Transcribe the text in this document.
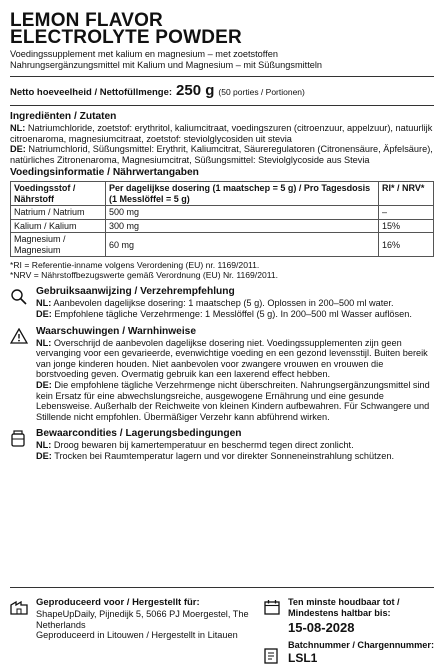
LEMON FLAVOR
ELECTROLYTE POWDER
Voedingssupplement met kalium en magnesium – met zoetstoffen
Nahrungsergänzungsmittel mit Kalium und Magnesium – mit Süßungsmitteln
Netto hoeveelheid / Nettofüllmenge: 250 g (50 porties / Portionen)
Ingrediënten / Zutaten
NL: Natriumchloride, zoetstof: erythritol, kaliumcitraat, voedingszuren (citroenzuur, appelzuur), natuurlijk citroenaroma, magnesiumcitraat, zoetstof: steviolglycosiden uit stevia
DE: Natriumchlorid, Süßungsmittel: Erythrit, Kaliumcitrat, Säureregulatoren (Citronensäure, Äpfelsäure), natürliches Zitronenaroma, Magnesiumcitrat, Süßungsmittel: Steviolglycoside aus Stevia
Voedingsinformatie / Nährwertangaben
Voedingsstof / Nährstoff	Per dagelijkse dosering (1 maatschep = 5 g) / Pro Tagesdosis (1 Messlöffel = 5 g)	RI* / NRV*
Natrium / Natrium	500 mg	–
Kalium / Kalium	300 mg	15%
Magnesium / Magnesium	60 mg	16%
*RI = Referentie-inname volgens Verordening (EU) nr. 1169/2011.
*NRV = Nährstoffbezugswerte gemäß Verordnung (EU) Nr. 1169/2011.
Gebruiksaanwijzing / Verzehrempfehlung
NL: Aanbevolen dagelijkse dosering: 1 maatschep (5 g). Oplossen in 200–500 ml water.
DE: Empfohlene tägliche Verzehrmenge: 1 Messlöffel (5 g). In 200–500 ml Wasser auflösen.
Waarschuwingen / Warnhinweise
NL: Overschrijd de aanbevolen dagelijkse dosering niet. Voedingssupplementen zijn geen vervanging voor een gevarieerde, evenwichtige voeding en een gezond levensstijl. Buiten bereik van jonge kinderen houden. Niet aanbevolen voor zwangere vrouwen en vrouwen die borstvoeding geven. Overmatig gebruik kan een laxerend effect hebben.
DE: Die empfohlene tägliche Verzehrmenge nicht überschreiten. Nahrungsergänzungsmittel sind kein Ersatz für eine abwechslungsreiche, ausgewogene Ernährung und eine gesunde Lebensweise. Außerhalb der Reichweite von kleinen Kindern aufbewahren. Für Schwangere und Stillende nicht empfohlen. Übermäßiger Verzehr kann abführend wirken.
Bewaarcondities / Lagerungsbedingungen
NL: Droog bewaren bij kamertemperatuur en beschermd tegen direct zonlicht.
DE: Trocken bei Raumtemperatur lagern und vor direkter Sonneneinstrahlung schützen.
Geproduceerd voor / Hergestellt für:
ShapeUpDaily, Pijnedijk 5, 5066 PJ Moergestel, The Netherlands
Geproduceerd in Litouwen / Hergestellt in Litauen
Ten minste houdbaar tot / Mindestens haltbar bis:
15-08-2028
Batchnummer / Chargennummer:
LSL1
